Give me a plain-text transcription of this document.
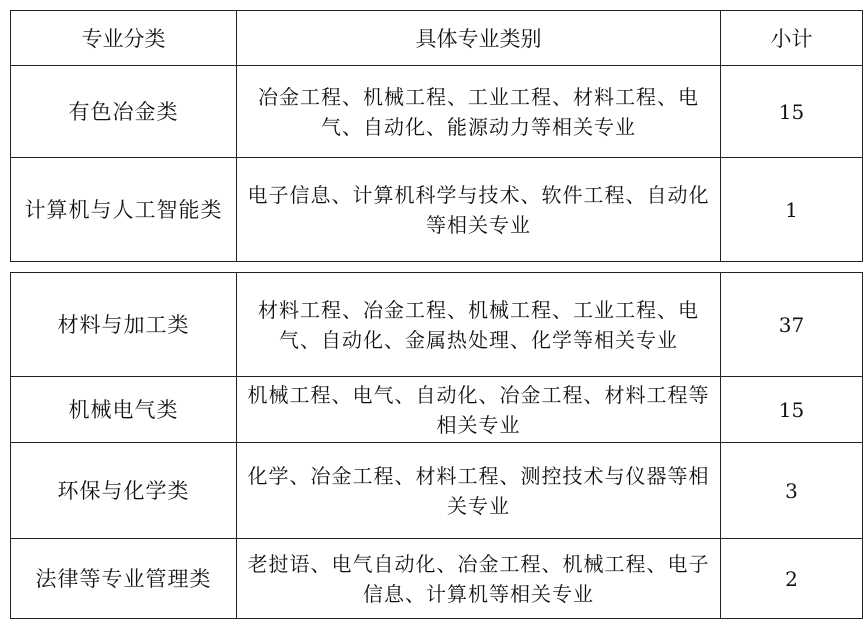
专业分类	具体专业类别	小计
有色冶金类	冶金工程、机械工程、工业工程、材料工程、电气、自动化、能源动力等相关专业	15
计算机与人工智能类	电子信息、计算机科学与技术、软件工程、自动化等相关专业	1
材料与加工类	材料工程、冶金工程、机械工程、工业工程、电气、自动化、金属热处理、化学等相关专业	37
机械电气类	机械工程、电气、自动化、冶金工程、材料工程等相关专业	15
环保与化学类	化学、冶金工程、材料工程、测控技术与仪器等相关专业	3
法律等专业管理类	老挝语、电气自动化、冶金工程、机械工程、电子信息、计算机等相关专业	2
